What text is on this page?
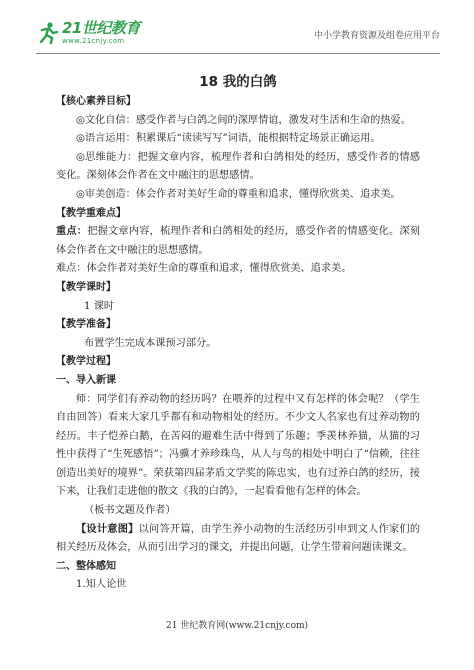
21世纪教育
www.21cnjy.com	中小学教育资源及组卷应用平台
18 我的白鸽

【核心素养目标】

◎文化自信：感受作者与白鸽之间的深厚情谊，激发对生活和生命的热爱。

◎语言运用：积累课后“读读写写”词语，能根据特定场景正确运用。

◎思维能力：把握文章内容，梳理作者和白鸽相处的经历，感受作者的情感变化。深刻体会作者在文中融注的思想感情。

◎审美创造：体会作者对美好生命的尊重和追求，懂得欣赏美、追求美。

【教学重难点】

重点：把握文章内容，梳理作者和白鸽相处的经历，感受作者的情感变化。深刻体会作者在文中融注的思想感情。

难点：体会作者对美好生命的尊重和追求，懂得欣赏美、追求美。

【教学课时】

1 课时

【教学准备】

布置学生完成本课预习部分。

【教学过程】

一、导入新课

师：同学们有养动物的经历吗？在喂养的过程中又有怎样的体会呢？（学生自由回答）看来大家几乎都有和动物相处的经历。不少文人名家也有过养动物的经历。丰子恺养白鹅，在苦闷的避难生活中得到了乐趣；季羡林养猫，从猫的习性中获得了“生死感悟”；冯骥才养珍珠鸟，从人与鸟的相处中明白了“信赖，往往创造出美好的境界”。荣获第四届茅盾文学奖的陈忠实，也有过养白鸽的经历，接下来，让我们走进他的散文《我的白鸽》，一起看看他有怎样的体会。

（板书文题及作者）

【设计意图】以问答开篇，由学生养小动物的生活经历引申到文人作家们的相关经历及体会，从而引出学习的课文，并提出问题，让学生带着问题读课文。

二、整体感知

1.知人论世

21 世纪教育网(www.21cnjy.com)
